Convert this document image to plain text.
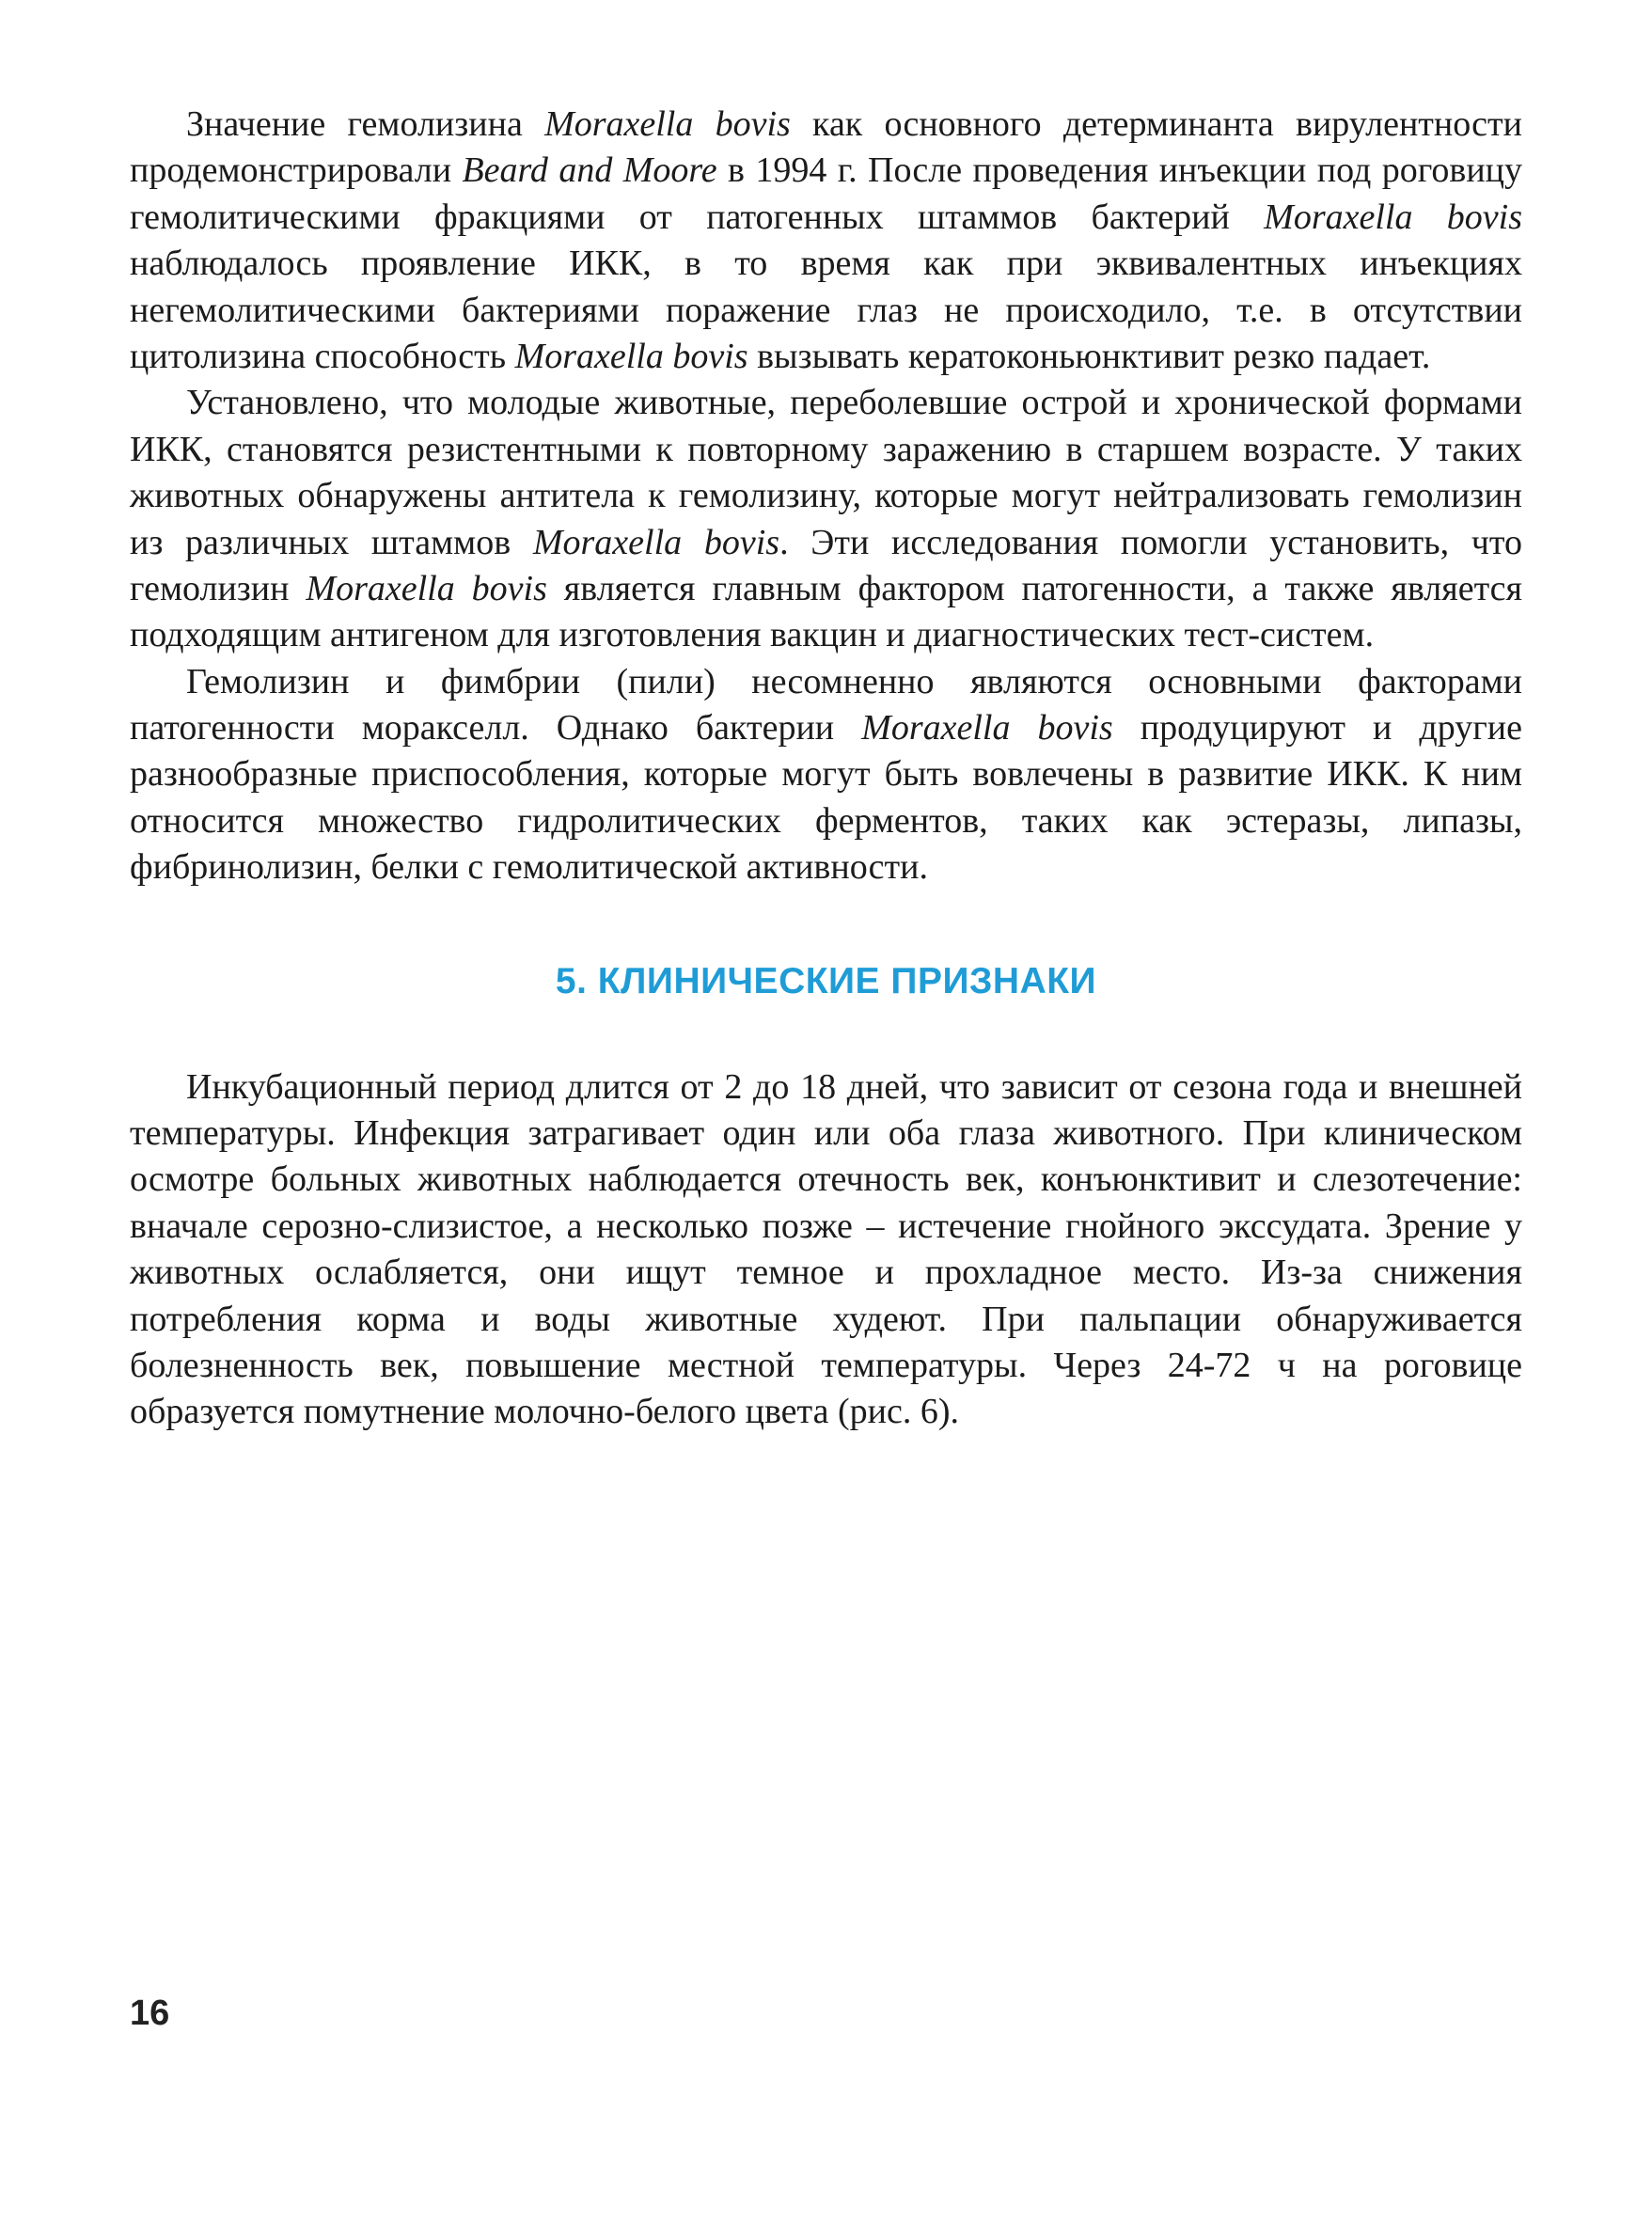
Значение гемолизина Moraxella bovis как основного детерминанта вирулентности продемонстрировали Beard and Moore в 1994 г. После проведения инъекции под роговицу гемолитическими фракциями от патогенных штаммов бактерий Moraxella bovis наблюдалось проявление ИКК, в то время как при эквивалентных инъекциях негемолитическими бактериями поражение глаз не происходило, т.е. в отсутствии цитолизина способность Moraxella bovis вызывать кератоконьюнктивит резко падает.

Установлено, что молодые животные, переболевшие острой и хронической формами ИКК, становятся резистентными к повторному заражению в старшем возрасте. У таких животных обнаружены антитела к гемолизину, которые могут нейтрализовать гемолизин из различных штаммов Moraxella bovis. Эти исследования помогли установить, что гемолизин Moraxella bovis является главным фактором патогенности, а также является подходящим антигеном для изготовления вакцин и диагностических тест-систем.

Гемолизин и фимбрии (пили) несомненно являются основными факторами патогенности моракселл. Однако бактерии Moraxella bovis продуцируют и другие разнообразные приспособления, которые могут быть вовлечены в развитие ИКК. К ним относится множество гидролитических ферментов, таких как эстеразы, липазы, фибринолизин, белки с гемолитической активности.

5. КЛИНИЧЕСКИЕ ПРИЗНАКИ

Инкубационный период длится от 2 до 18 дней, что зависит от сезона года и внешней температуры. Инфекция затрагивает один или оба глаза животного. При клиническом осмотре больных животных наблюдается отечность век, конъюнктивит и слезотечение: вначале серозно-слизистое, а несколько позже – истечение гнойного экссудата. Зрение у животных ослабляется, они ищут темное и прохладное место. Из-за снижения потребления корма и воды животные худеют. При пальпации обнаруживается болезненность век, повышение местной температуры. Через 24-72 ч на роговице образуется помутнение молочно-белого цвета (рис. 6).

16
